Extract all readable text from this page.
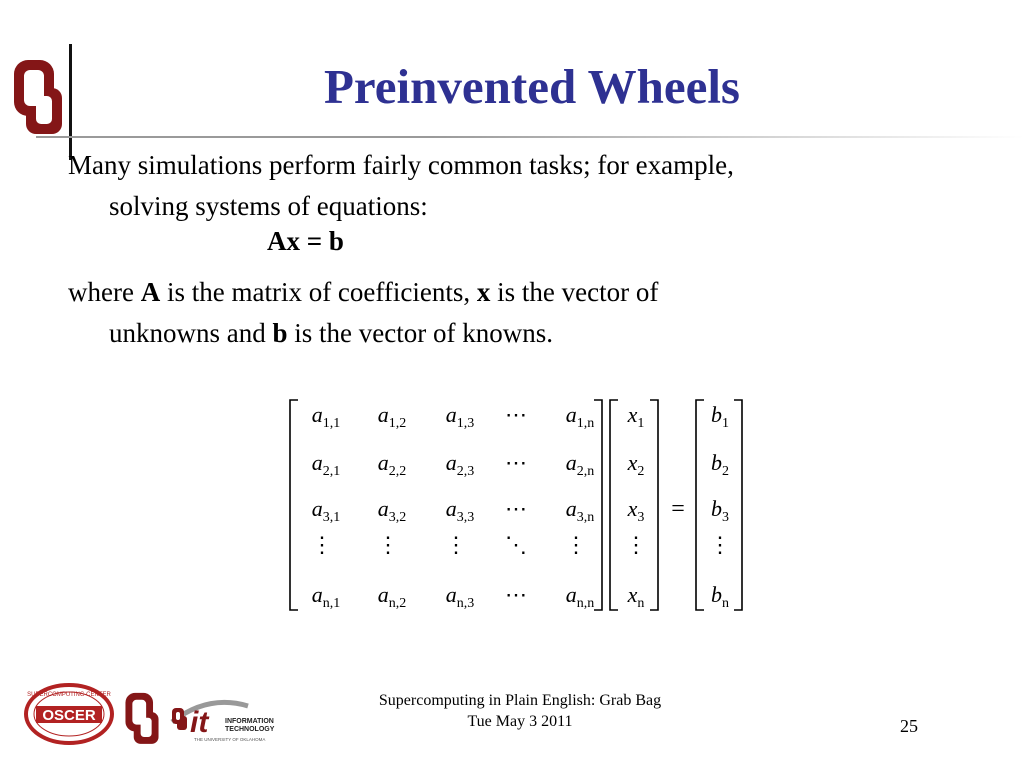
Preinvented Wheels
Many simulations perform fairly common tasks; for example,
solving systems of equations:
Ax = b
where A is the matrix of coefficients, x is the vector of
unknowns and b is the vector of knowns.
$a_{1,1}$ $a_{1,2}$ $a_{1,3}$ ⋯ $a_{1,n}$
$a_{2,1}$ $a_{2,2}$ $a_{2,3}$ ⋯ $a_{2,n}$
$a_{3,1}$ $a_{3,2}$ $a_{3,3}$ ⋯ $a_{3,n}$
⋮ ⋮ ⋮ ⋱ ⋮
$a_{n,1}$ $a_{n,2}$ $a_{n,3}$ ⋯ $a_{n,n}$
$x_1$
$x_2$
$x_3$
⋮
$x_n$
=
$b_1$
$b_2$
$b_3$
⋮
$b_n$
SUPERCOMPUTING CENTER
OSCER	it INFORMATION
TECHNOLOGY
THE UNIVERSITY OF OKLAHOMA
Supercomputing in Plain English: Grab Bag
Tue May 3 2011	25
